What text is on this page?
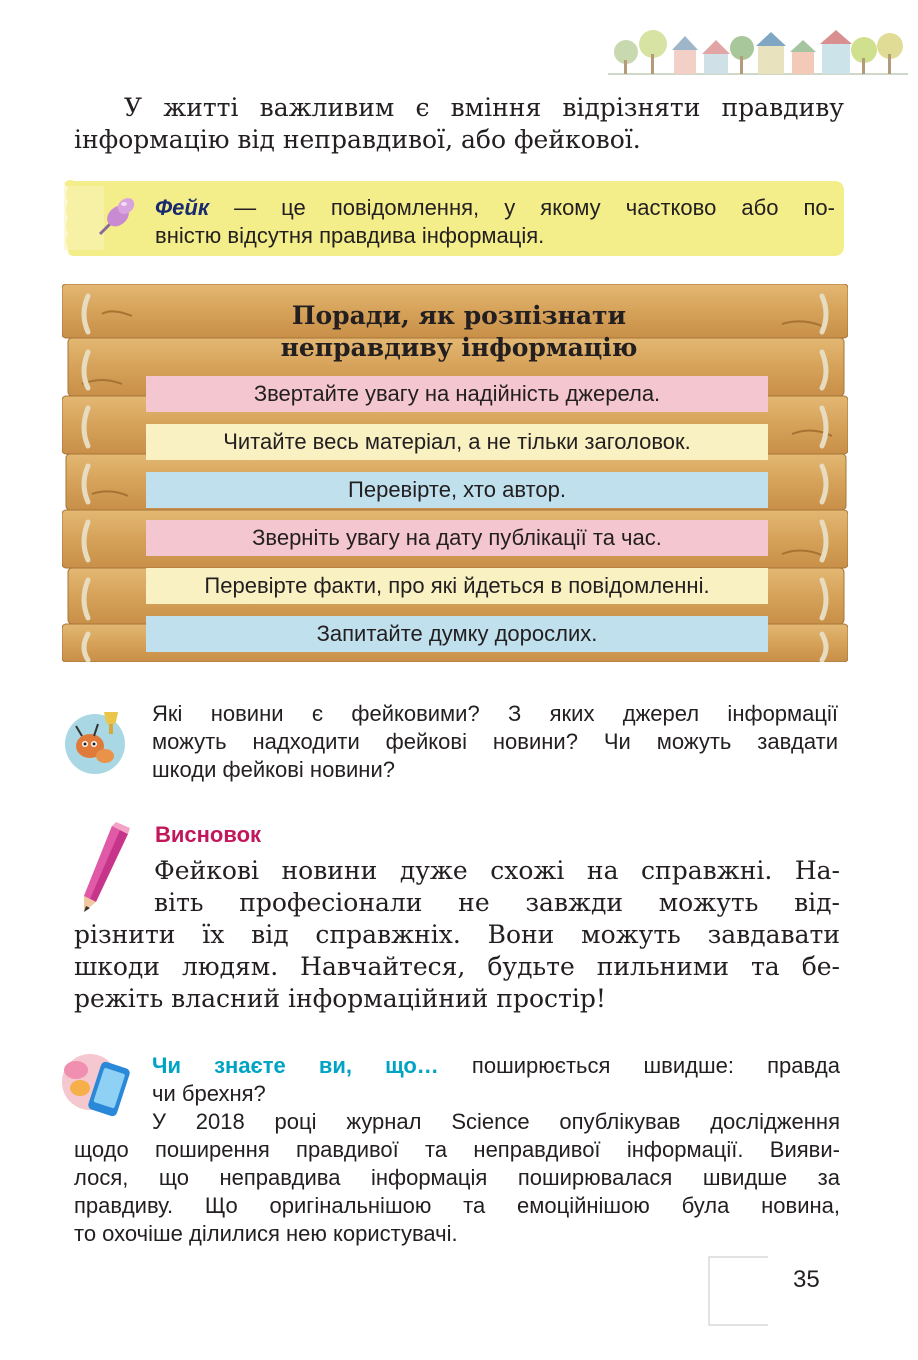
У житті важливим є вміння відрізняти правдиву
інформацію від неправдивої, або фейкової.
Фейк — це повідомлення, у якому частково або по-
вністю відсутня правдива інформація.
Поради, як розпізнати
неправдиву інформацію
Звертайте увагу на надійність джерела.
Читайте весь матеріал, а не тільки заголовок.
Перевірте, хто автор.
Зверніть увагу на дату публікації та час.
Перевірте факти, про які йдеться в повідомленні.
Запитайте думку дорослих.
Які новини є фейковими? З яких джерел інформації
можуть надходити фейкові новини? Чи можуть завдати
шкоди фейкові новини?
Висновок
Фейкові новини дуже схожі на справжні. На-
віть професіонали не завжди можуть від-
різнити їх від справжніх. Вони можуть завдавати
шкоди людям. Навчайтеся, будьте пильними та бе-
режіть власний інформаційний простір!
Чи знаєте ви, що… поширюється швидше: правда
чи брехня?
У 2018 році журнал Science опублікував дослідження
щодо поширення правдивої та неправдивої інформації. Вияви-
лося, що неправдива інформація поширювалася швидше за
правдиву. Що оригінальнішою та емоційнішою була новина,
то охочіше ділилися нею користувачі.
35
